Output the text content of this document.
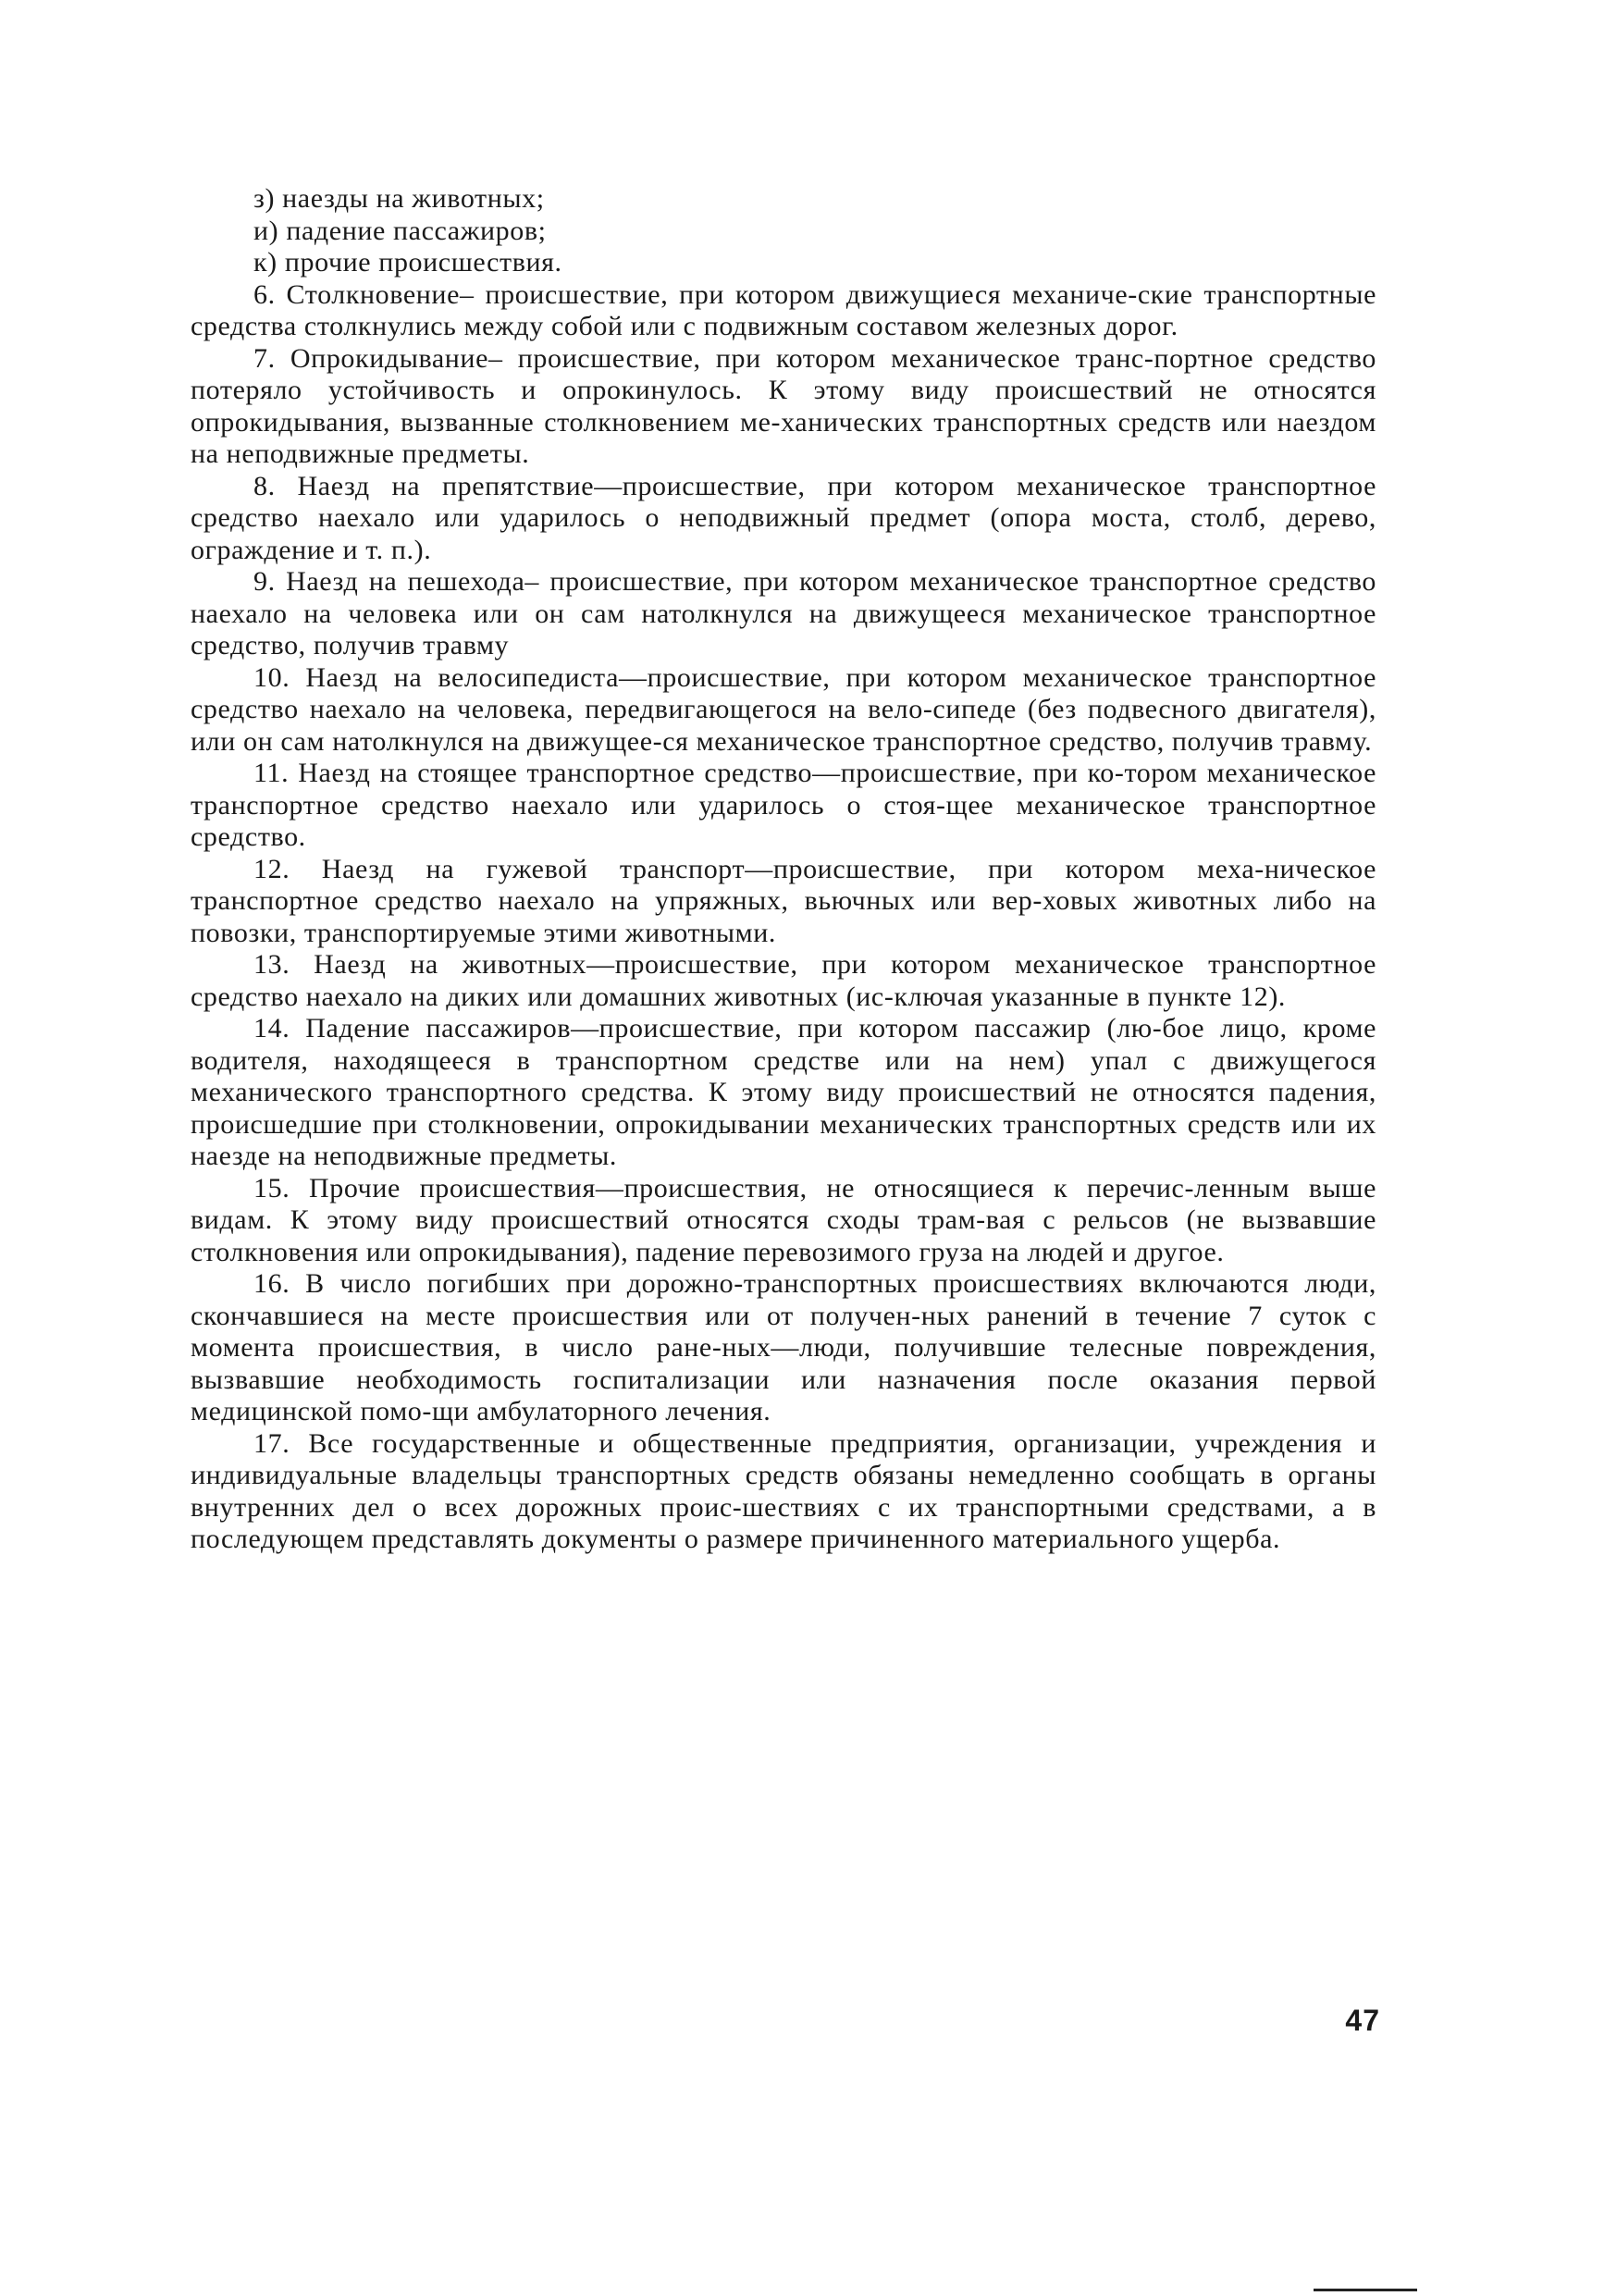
з) наезды на животных;

и) падение пассажиров;

к) прочие происшествия.

6. Столкновение– происшествие, при котором движущиеся механиче-ские транспортные средства столкнулись между собой или с подвижным составом железных дорог.

7. Опрокидывание– происшествие, при котором механическое транс-портное средство потеряло устойчивость и опрокинулось. К этому виду происшествий не относятся опрокидывания, вызванные столкновением ме-ханических транспортных средств или наездом на неподвижные предметы.

8. Наезд на препятствие—происшествие, при котором механическое транспортное средство наехало или ударилось о неподвижный предмет (опора моста, столб, дерево, ограждение и т. п.).

9. Наезд на пешехода– происшествие, при котором механическое транспортное средство наехало на человека или он сам натолкнулся на движущееся механическое транспортное средство, получив травму

10. Наезд на велосипедиста—происшествие, при котором механическое транспортное средство наехало на человека, передвигающегося на вело-сипеде (без подвесного двигателя), или он сам натолкнулся на движущее-ся механическое транспортное средство, получив травму.

11. Наезд на стоящее транспортное средство—происшествие, при ко-тором механическое транспортное средство наехало или ударилось о стоя-щее механическое транспортное средство.

12. Наезд на гужевой транспорт—происшествие, при котором меха-ническое транспортное средство наехало на упряжных, вьючных или вер-ховых животных либо на повозки, транспортируемые этими животными.

13. Наезд на животных—происшествие, при котором механическое транспортное средство наехало на диких или домашних животных (ис-ключая указанные в пункте 12).

14. Падение пассажиров—происшествие, при котором пассажир (лю-бое лицо, кроме водителя, находящееся в транспортном средстве или на нем) упал с движущегося механического транспортного средства. К этому виду происшествий не относятся падения, происшедшие при столкновении, опрокидывании механических транспортных средств или их наезде на неподвижные предметы.

15. Прочие происшествия—происшествия, не относящиеся к перечис-ленным выше видам. К этому виду происшествий относятся сходы трам-вая с рельсов (не вызвавшие столкновения или опрокидывания), падение перевозимого груза на людей и другое.

16. В число погибших при дорожно-транспортных происшествиях включаются люди, скончавшиеся на месте происшествия или от получен-ных ранений в течение 7 суток с момента происшествия, в число ране-ных—люди, получившие телесные повреждения, вызвавшие необходимость госпитализации или назначения после оказания первой медицинской помо-щи амбулаторного лечения.

17. Все государственные и общественные предприятия, организации, учреждения и индивидуальные владельцы транспортных средств обязаны немедленно сообщать в органы внутренних дел о всех дорожных проис-шествиях с их транспортными средствами, а в последующем представлять документы о размере причиненного материального ущерба.

47
